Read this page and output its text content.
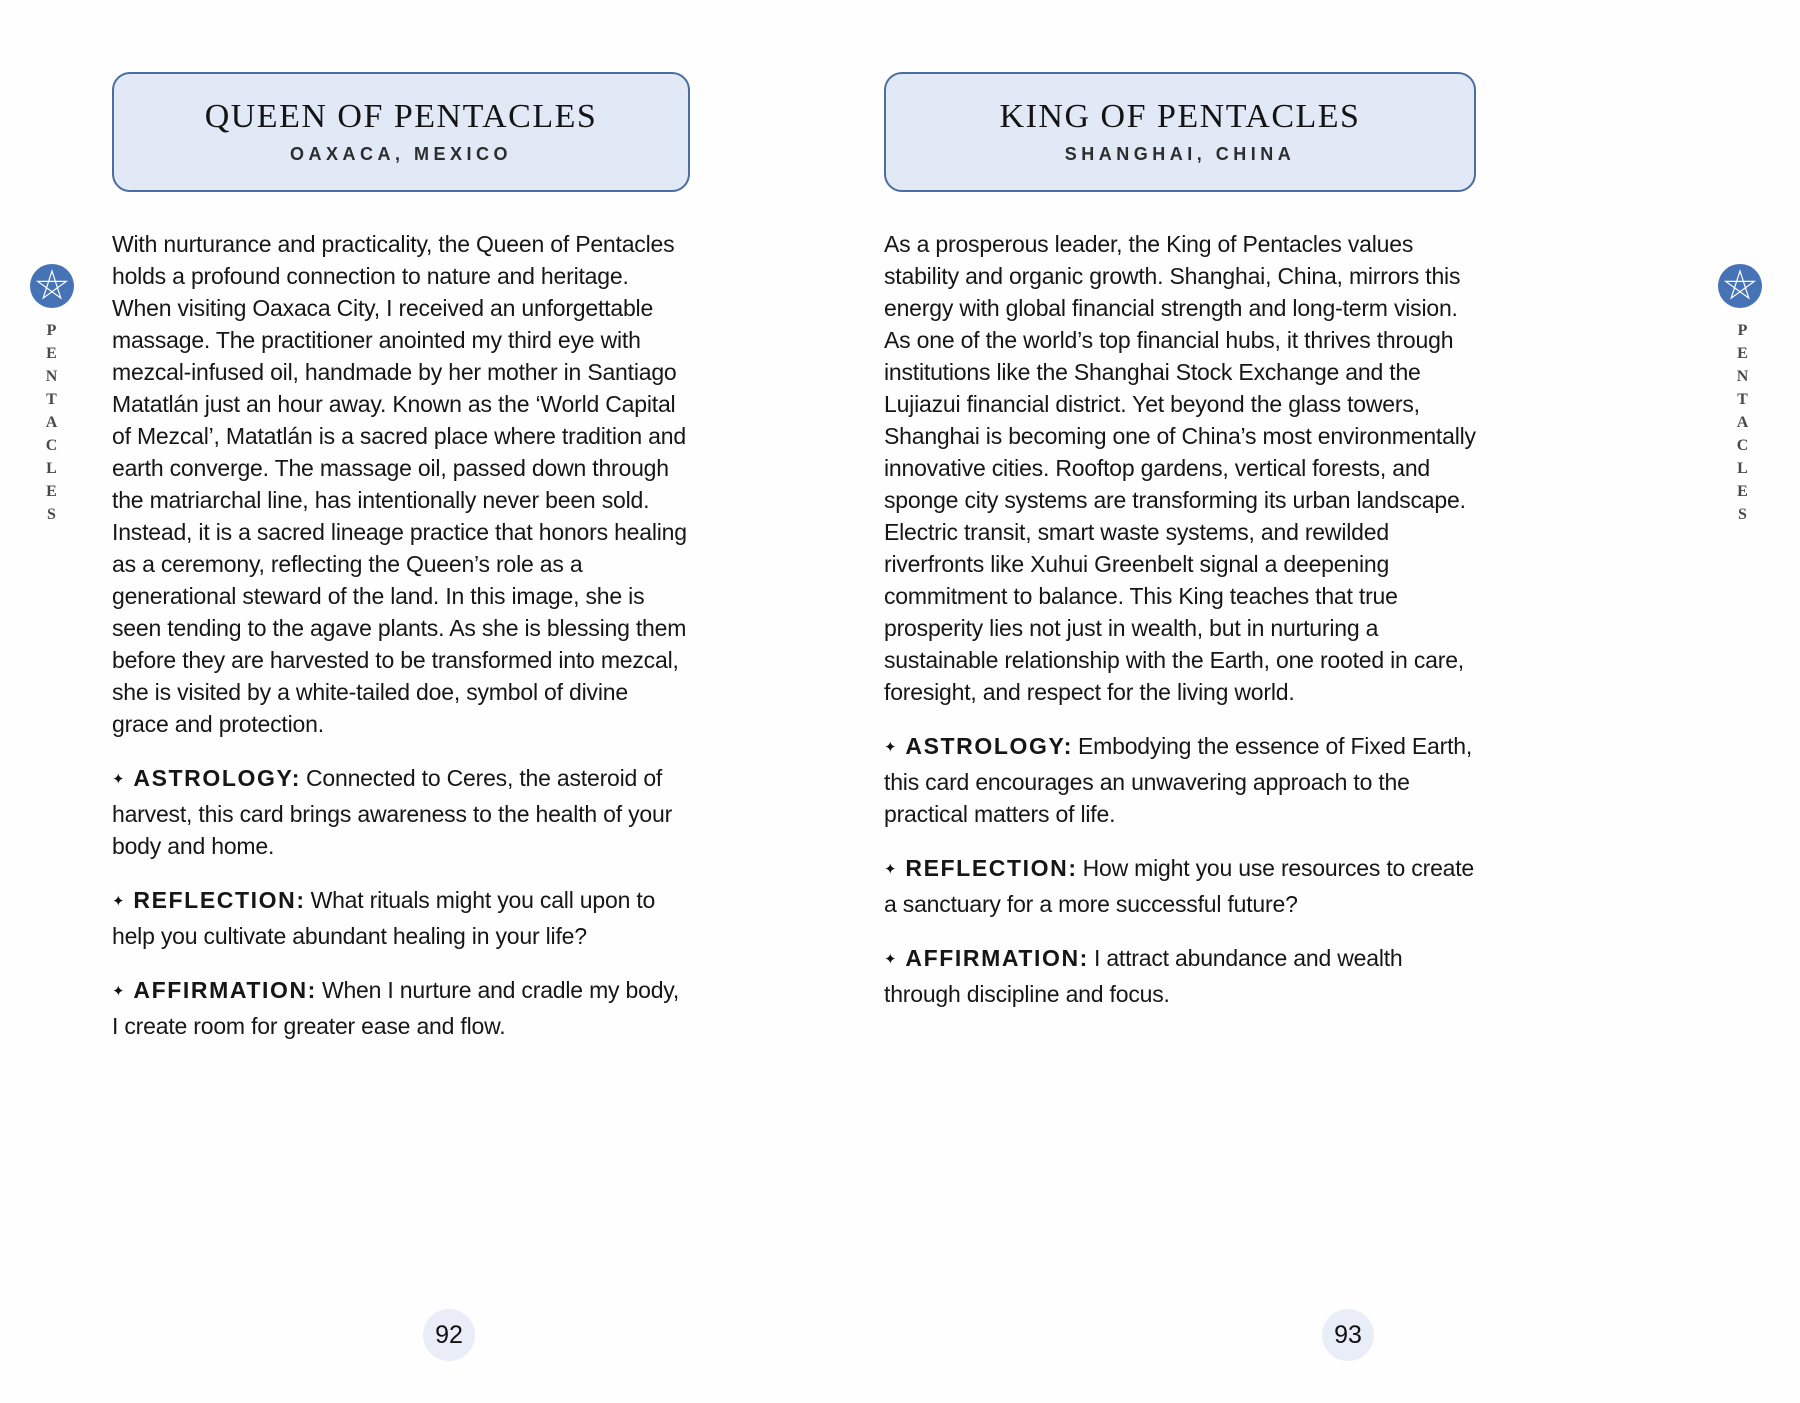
PENTACLES	PENTACLES
QUEEN OF PENTACLES
OAXACA, MEXICO

With nurturance and practicality, the Queen of Pentacles holds a profound connection to nature and heritage. When visiting Oaxaca City, I received an unforgettable massage. The practitioner anointed my third eye with mezcal-infused oil, handmade by her mother in Santiago Matatlán just an hour away. Known as the ‘World Capital of Mezcal’, Matatlán is a sacred place where tradition and earth converge. The massage oil, passed down through the matriarchal line, has intentionally never been sold. Instead, it is a sacred lineage practice that honors healing as a ceremony, reflecting the Queen’s role as a generational steward of the land. In this image, she is seen tending to the agave plants. As she is blessing them before they are harvested to be transformed into mezcal, she is visited by a white-tailed doe, symbol of divine grace and protection.

✦ ASTROLOGY: Connected to Ceres, the asteroid of harvest, this card brings awareness to the health of your body and home.

✦ REFLECTION: What rituals might you call upon to help you cultivate abundant healing in your life?

✦ AFFIRMATION: When I nurture and cradle my body, I create room for greater ease and flow.

KING OF PENTACLES
SHANGHAI, CHINA

As a prosperous leader, the King of Pentacles values stability and organic growth. Shanghai, China, mirrors this energy with global financial strength and long-term vision. As one of the world’s top financial hubs, it thrives through institutions like the Shanghai Stock Exchange and the Lujiazui financial district. Yet beyond the glass towers, Shanghai is becoming one of China’s most environmentally innovative cities. Rooftop gardens, vertical forests, and sponge city systems are transforming its urban landscape. Electric transit, smart waste systems, and rewilded riverfronts like Xuhui Greenbelt signal a deepening commitment to balance. This King teaches that true prosperity lies not just in wealth, but in nurturing a sustainable relationship with the Earth, one rooted in care, foresight, and respect for the living world.

✦ ASTROLOGY: Embodying the essence of Fixed Earth, this card encourages an unwavering approach to the practical matters of life.

✦ REFLECTION: How might you use resources to create a sanctuary for a more successful future?

✦ AFFIRMATION: I attract abundance and wealth through discipline and focus.

92	93
